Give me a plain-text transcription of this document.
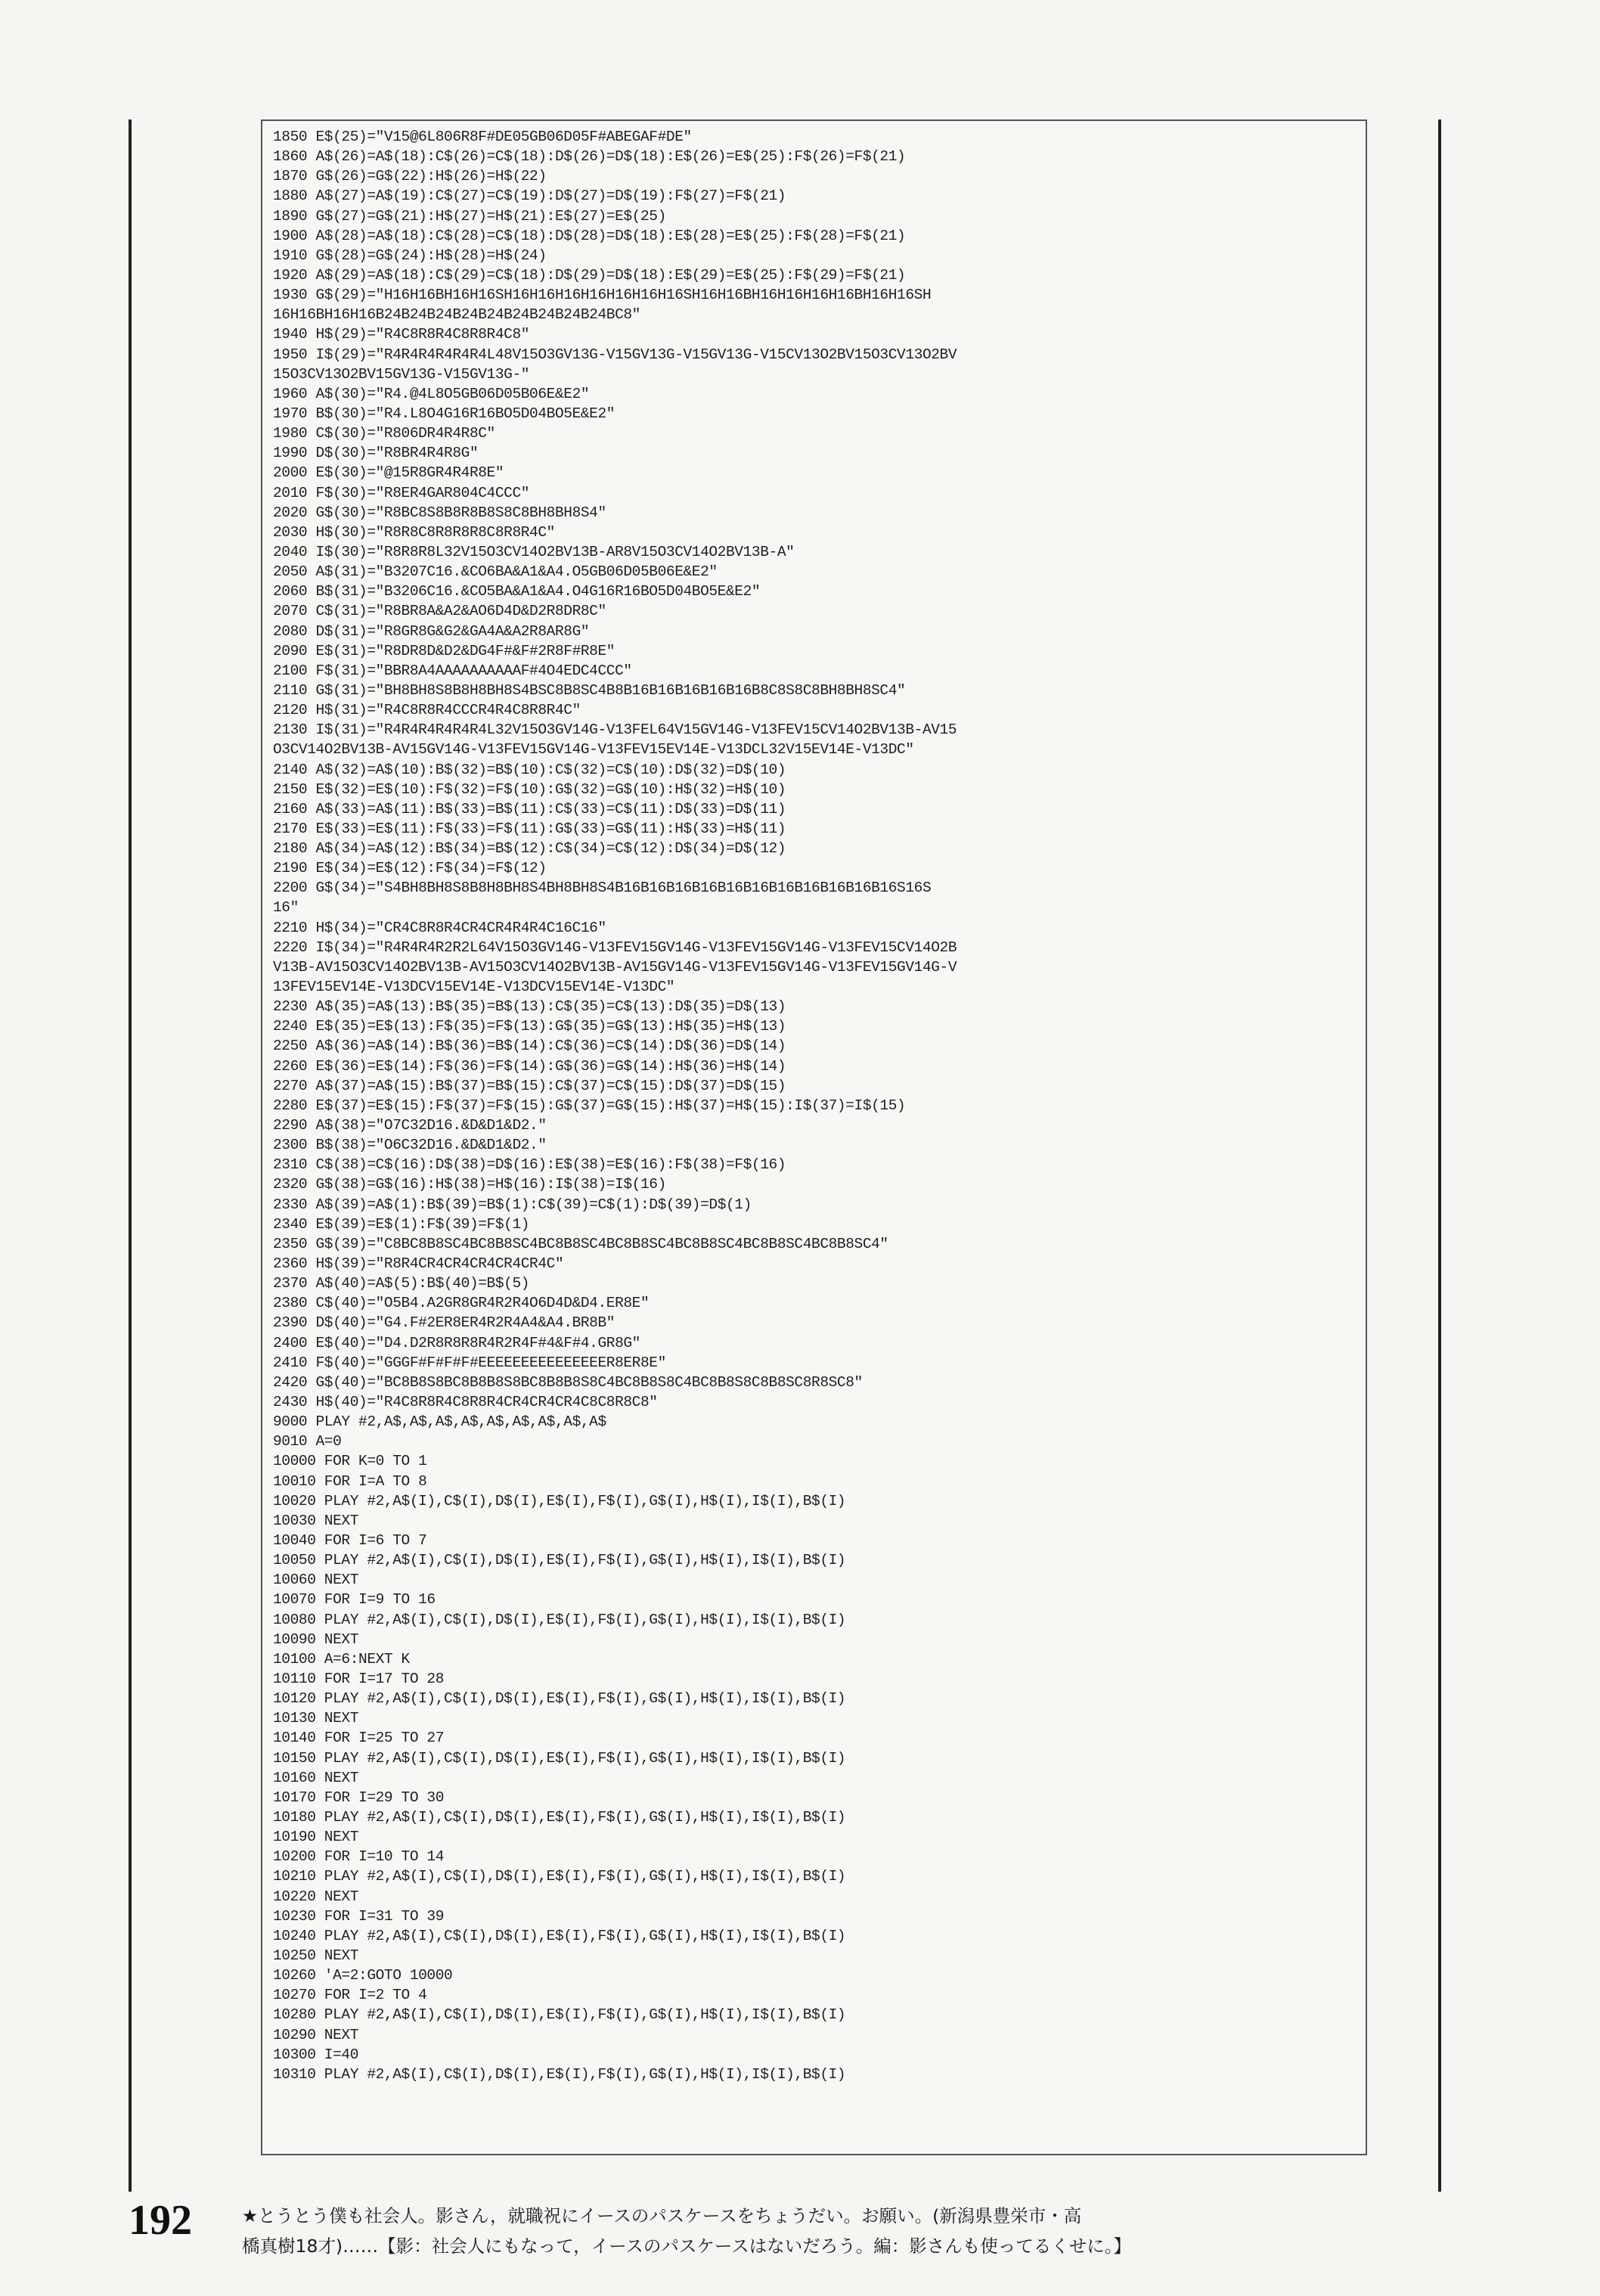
1850 E$(25)="V15@6L806R8F#DE05GB06D05F#ABEGAF#DE"
1860 A$(26)=A$(18):C$(26)=C$(18):D$(26)=D$(18):E$(26)=E$(25):F$(26)=F$(21)
1870 G$(26)=G$(22):H$(26)=H$(22)
1880 A$(27)=A$(19):C$(27)=C$(19):D$(27)=D$(19):F$(27)=F$(21)
1890 G$(27)=G$(21):H$(27)=H$(21):E$(27)=E$(25)
1900 A$(28)=A$(18):C$(28)=C$(18):D$(28)=D$(18):E$(28)=E$(25):F$(28)=F$(21)
1910 G$(28)=G$(24):H$(28)=H$(24)
1920 A$(29)=A$(18):C$(29)=C$(18):D$(29)=D$(18):E$(29)=E$(25):F$(29)=F$(21)
1930 G$(29)="H16H16BH16H16SH16H16H16H16H16H16H16SH16H16BH16H16H16H16BH16H16SH
16H16BH16H16B24B24B24B24B24B24B24B24B24BC8"
1940 H$(29)="R4C8R8R4C8R8R4C8"
1950 I$(29)="R4R4R4R4R4R4L48V15O3GV13G-V15GV13G-V15GV13G-V15CV13O2BV15O3CV13O2BV
15O3CV13O2BV15GV13G-V15GV13G-"
1960 A$(30)="R4.@4L8O5GB06D05B06E&E2"
1970 B$(30)="R4.L8O4G16R16BO5D04BO5E&E2"
1980 C$(30)="R806DR4R4R8C"
1990 D$(30)="R8BR4R4R8G"
2000 E$(30)="@15R8GR4R4R8E"
2010 F$(30)="R8ER4GAR804C4CCC"
2020 G$(30)="R8BC8S8B8R8B8S8C8BH8BH8S4"
2030 H$(30)="R8R8C8R8R8R8C8R8R4C"
2040 I$(30)="R8R8R8L32V15O3CV14O2BV13B-AR8V15O3CV14O2BV13B-A"
2050 A$(31)="B3207C16.&CO6BA&A1&A4.O5GB06D05B06E&E2"
2060 B$(31)="B3206C16.&CO5BA&A1&A4.O4G16R16BO5D04BO5E&E2"
2070 C$(31)="R8BR8A&A2&AO6D4D&D2R8DR8C"
2080 D$(31)="R8GR8G&G2&GA4A&A2R8AR8G"
2090 E$(31)="R8DR8D&D2&DG4F#&F#2R8F#R8E"
2100 F$(31)="BBR8A4AAAAAAAAAAF#4O4EDC4CCC"
2110 G$(31)="BH8BH8S8B8H8BH8S4BSC8B8SC4B8B16B16B16B16B16B8C8S8C8BH8BH8SC4"
2120 H$(31)="R4C8R8R4CCCR4R4C8R8R4C"
2130 I$(31)="R4R4R4R4R4R4L32V15O3GV14G-V13FEL64V15GV14G-V13FEV15CV14O2BV13B-AV15
O3CV14O2BV13B-AV15GV14G-V13FEV15GV14G-V13FEV15EV14E-V13DCL32V15EV14E-V13DC"
2140 A$(32)=A$(10):B$(32)=B$(10):C$(32)=C$(10):D$(32)=D$(10)
2150 E$(32)=E$(10):F$(32)=F$(10):G$(32)=G$(10):H$(32)=H$(10)
2160 A$(33)=A$(11):B$(33)=B$(11):C$(33)=C$(11):D$(33)=D$(11)
2170 E$(33)=E$(11):F$(33)=F$(11):G$(33)=G$(11):H$(33)=H$(11)
2180 A$(34)=A$(12):B$(34)=B$(12):C$(34)=C$(12):D$(34)=D$(12)
2190 E$(34)=E$(12):F$(34)=F$(12)
2200 G$(34)="S4BH8BH8S8B8H8BH8S4BH8BH8S4B16B16B16B16B16B16B16B16B16B16B16S16S
16"
2210 H$(34)="CR4C8R8R4CR4CR4R4R4C16C16"
2220 I$(34)="R4R4R4R2R2L64V15O3GV14G-V13FEV15GV14G-V13FEV15GV14G-V13FEV15CV14O2B
V13B-AV15O3CV14O2BV13B-AV15O3CV14O2BV13B-AV15GV14G-V13FEV15GV14G-V13FEV15GV14G-V
13FEV15EV14E-V13DCV15EV14E-V13DCV15EV14E-V13DC"
2230 A$(35)=A$(13):B$(35)=B$(13):C$(35)=C$(13):D$(35)=D$(13)
2240 E$(35)=E$(13):F$(35)=F$(13):G$(35)=G$(13):H$(35)=H$(13)
2250 A$(36)=A$(14):B$(36)=B$(14):C$(36)=C$(14):D$(36)=D$(14)
2260 E$(36)=E$(14):F$(36)=F$(14):G$(36)=G$(14):H$(36)=H$(14)
2270 A$(37)=A$(15):B$(37)=B$(15):C$(37)=C$(15):D$(37)=D$(15)
2280 E$(37)=E$(15):F$(37)=F$(15):G$(37)=G$(15):H$(37)=H$(15):I$(37)=I$(15)
2290 A$(38)="O7C32D16.&D&D1&D2."
2300 B$(38)="O6C32D16.&D&D1&D2."
2310 C$(38)=C$(16):D$(38)=D$(16):E$(38)=E$(16):F$(38)=F$(16)
2320 G$(38)=G$(16):H$(38)=H$(16):I$(38)=I$(16)
2330 A$(39)=A$(1):B$(39)=B$(1):C$(39)=C$(1):D$(39)=D$(1)
2340 E$(39)=E$(1):F$(39)=F$(1)
2350 G$(39)="C8BC8B8SC4BC8B8SC4BC8B8SC4BC8B8SC4BC8B8SC4BC8B8SC4BC8B8SC4"
2360 H$(39)="R8R4CR4CR4CR4CR4CR4C"
2370 A$(40)=A$(5):B$(40)=B$(5)
2380 C$(40)="O5B4.A2GR8GR4R2R4O6D4D&D4.ER8E"
2390 D$(40)="G4.F#2ER8ER4R2R4A4&A4.BR8B"
2400 E$(40)="D4.D2R8R8R8R4R2R4F#4&F#4.GR8G"
2410 F$(40)="GGGF#F#F#F#EEEEEEEEEEEEEEER8ER8E"
2420 G$(40)="BC8B8S8BC8B8B8S8BC8B8B8S8C4BC8B8S8C4BC8B8S8C8B8SC8R8SC8"
2430 H$(40)="R4C8R8R4C8R8R4CR4CR4CR4C8C8R8C8"
9000 PLAY #2,A$,A$,A$,A$,A$,A$,A$,A$,A$
9010 A=0
10000 FOR K=0 TO 1
10010 FOR I=A TO 8
10020 PLAY #2,A$(I),C$(I),D$(I),E$(I),F$(I),G$(I),H$(I),I$(I),B$(I)
10030 NEXT
10040 FOR I=6 TO 7
10050 PLAY #2,A$(I),C$(I),D$(I),E$(I),F$(I),G$(I),H$(I),I$(I),B$(I)
10060 NEXT
10070 FOR I=9 TO 16
10080 PLAY #2,A$(I),C$(I),D$(I),E$(I),F$(I),G$(I),H$(I),I$(I),B$(I)
10090 NEXT
10100 A=6:NEXT K
10110 FOR I=17 TO 28
10120 PLAY #2,A$(I),C$(I),D$(I),E$(I),F$(I),G$(I),H$(I),I$(I),B$(I)
10130 NEXT
10140 FOR I=25 TO 27
10150 PLAY #2,A$(I),C$(I),D$(I),E$(I),F$(I),G$(I),H$(I),I$(I),B$(I)
10160 NEXT
10170 FOR I=29 TO 30
10180 PLAY #2,A$(I),C$(I),D$(I),E$(I),F$(I),G$(I),H$(I),I$(I),B$(I)
10190 NEXT
10200 FOR I=10 TO 14
10210 PLAY #2,A$(I),C$(I),D$(I),E$(I),F$(I),G$(I),H$(I),I$(I),B$(I)
10220 NEXT
10230 FOR I=31 TO 39
10240 PLAY #2,A$(I),C$(I),D$(I),E$(I),F$(I),G$(I),H$(I),I$(I),B$(I)
10250 NEXT
10260 'A=2:GOTO 10000
10270 FOR I=2 TO 4
10280 PLAY #2,A$(I),C$(I),D$(I),E$(I),F$(I),G$(I),H$(I),I$(I),B$(I)
10290 NEXT
10300 I=40
10310 PLAY #2,A$(I),C$(I),D$(I),E$(I),F$(I),G$(I),H$(I),I$(I),B$(I)
192	★とうとう僕も社会人。影さん，就職祝にイースのパスケースをちょうだい。お願い。(新潟県豊栄市・高
橋真樹18才)……【影：社会人にもなって，イースのパスケースはないだろう。編：影さんも使ってるくせに。】
